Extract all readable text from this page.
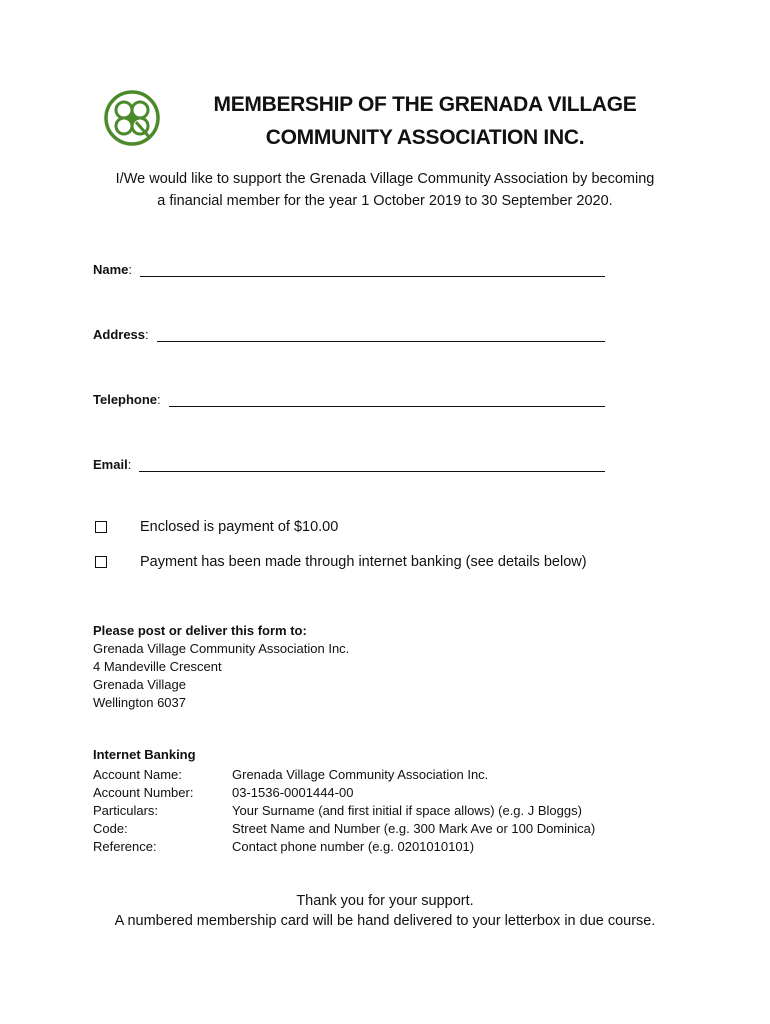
MEMBERSHIP OF THE GRENADA VILLAGE
COMMUNITY ASSOCIATION INC.
I/We would like to support the Grenada Village Community Association by becoming
a financial member for the year 1 October 2019 to 30 September 2020.
Name:
Address:
Telephone:
Email:
Enclosed is payment of $10.00
Payment has been made through internet banking (see details below)
Please post or deliver this form to:
Grenada Village Community Association Inc.
4 Mandeville Crescent
Grenada Village
Wellington 6037
Internet Banking
Account Name:	Grenada Village Community Association Inc.
Account Number:	03-1536-0001444-00
Particulars:	Your Surname (and first initial if space allows) (e.g. J Bloggs)
Code:	Street Name and Number (e.g. 300 Mark Ave or 100 Dominica)
Reference:	Contact phone number (e.g. 0201010101)
Thank you for your support.
A numbered membership card will be hand delivered to your letterbox in due course.
